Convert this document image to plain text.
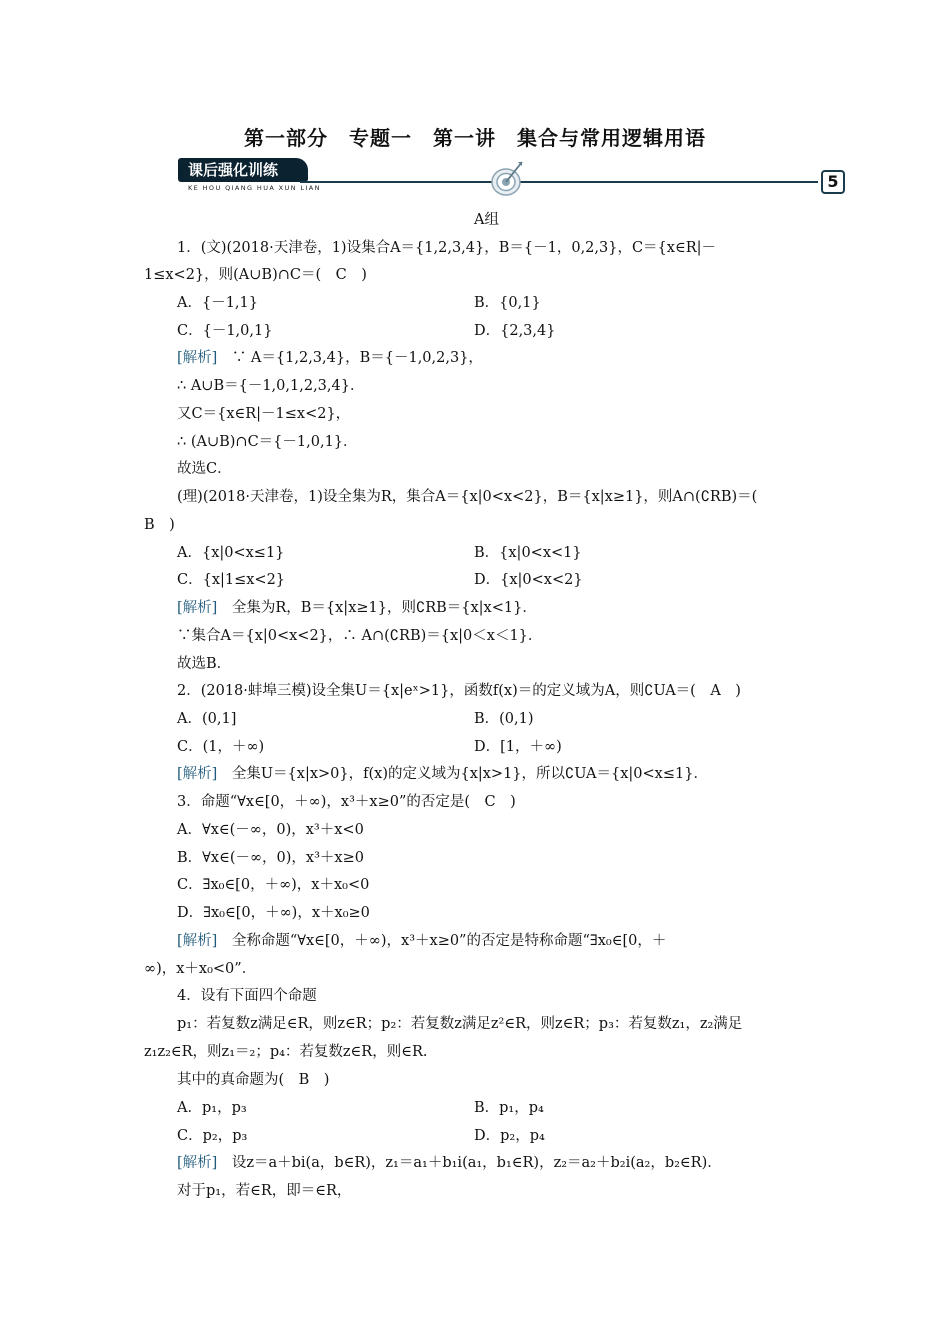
第一部分　专题一　第一讲　集合与常用逻辑用语
课后强化训练
KE HOU QIANG HUA XUN LIAN	5
A组
1．(文)(2018·天津卷，1)设集合A＝{1,2,3,4}，B＝{－1，0,2,3}，C＝{x∈R|－
1≤x<2}，则(A∪B)∩C＝(　C　)
A．{－1,1}	B．{0,1}
C．{－1,0,1}	D．{2,3,4}
[解析]　∵ A＝{1,2,3,4}，B＝{－1,0,2,3}，
∴ A∪B＝{－1,0,1,2,3,4}．
又C＝{x∈R|－1≤x<2}，
∴ (A∪B)∩C＝{－1,0,1}．
故选C．
(理)(2018·天津卷，1)设全集为R，集合A＝{x|0<x<2}，B＝{x|x≥1}，则A∩(∁RB)＝(
B　)
A．{x|0<x≤1}	B．{x|0<x<1}
C．{x|1≤x<2}	D．{x|0<x<2}
[解析]　全集为R，B＝{x|x≥1}，则∁RB＝{x|x<1}．
∵集合A＝{x|0<x<2}，∴ A∩(∁RB)＝{x|0＜x＜1}．
故选B．
2．(2018·蚌埠三模)设全集U＝{x|eˣ>1}，函数f(x)＝的定义域为A，则∁UA＝(　A　)
A．(0,1]	B．(0,1)
C．(1，＋∞)	D．[1，＋∞)
[解析]　全集U＝{x|x>0}，f(x)的定义域为{x|x>1}，所以∁UA＝{x|0<x≤1}．
3．命题“∀x∈[0，＋∞)，x³＋x≥0”的否定是(　C　)
A．∀x∈(－∞，0)，x³＋x<0
B．∀x∈(－∞，0)，x³＋x≥0
C．∃x₀∈[0，＋∞)，x＋x₀<0
D．∃x₀∈[0，＋∞)，x＋x₀≥0
[解析]　全称命题“∀x∈[0，＋∞)，x³＋x≥0”的否定是特称命题“∃x₀∈[0，＋
∞)，x＋x₀<0”．
4．设有下面四个命题
p₁：若复数z满足∈R，则z∈R；p₂：若复数z满足z²∈R，则z∈R；p₃：若复数z₁，z₂满足
z₁z₂∈R，则z₁＝₂；p₄：若复数z∈R，则∈R.
其中的真命题为(　B　)
A．p₁，p₃	B．p₁，p₄
C．p₂，p₃	D．p₂，p₄
[解析]　设z＝a＋bi(a，b∈R)，z₁＝a₁＋b₁i(a₁，b₁∈R)，z₂＝a₂＋b₂i(a₂，b₂∈R)．
对于p₁，若∈R，即＝∈R，
